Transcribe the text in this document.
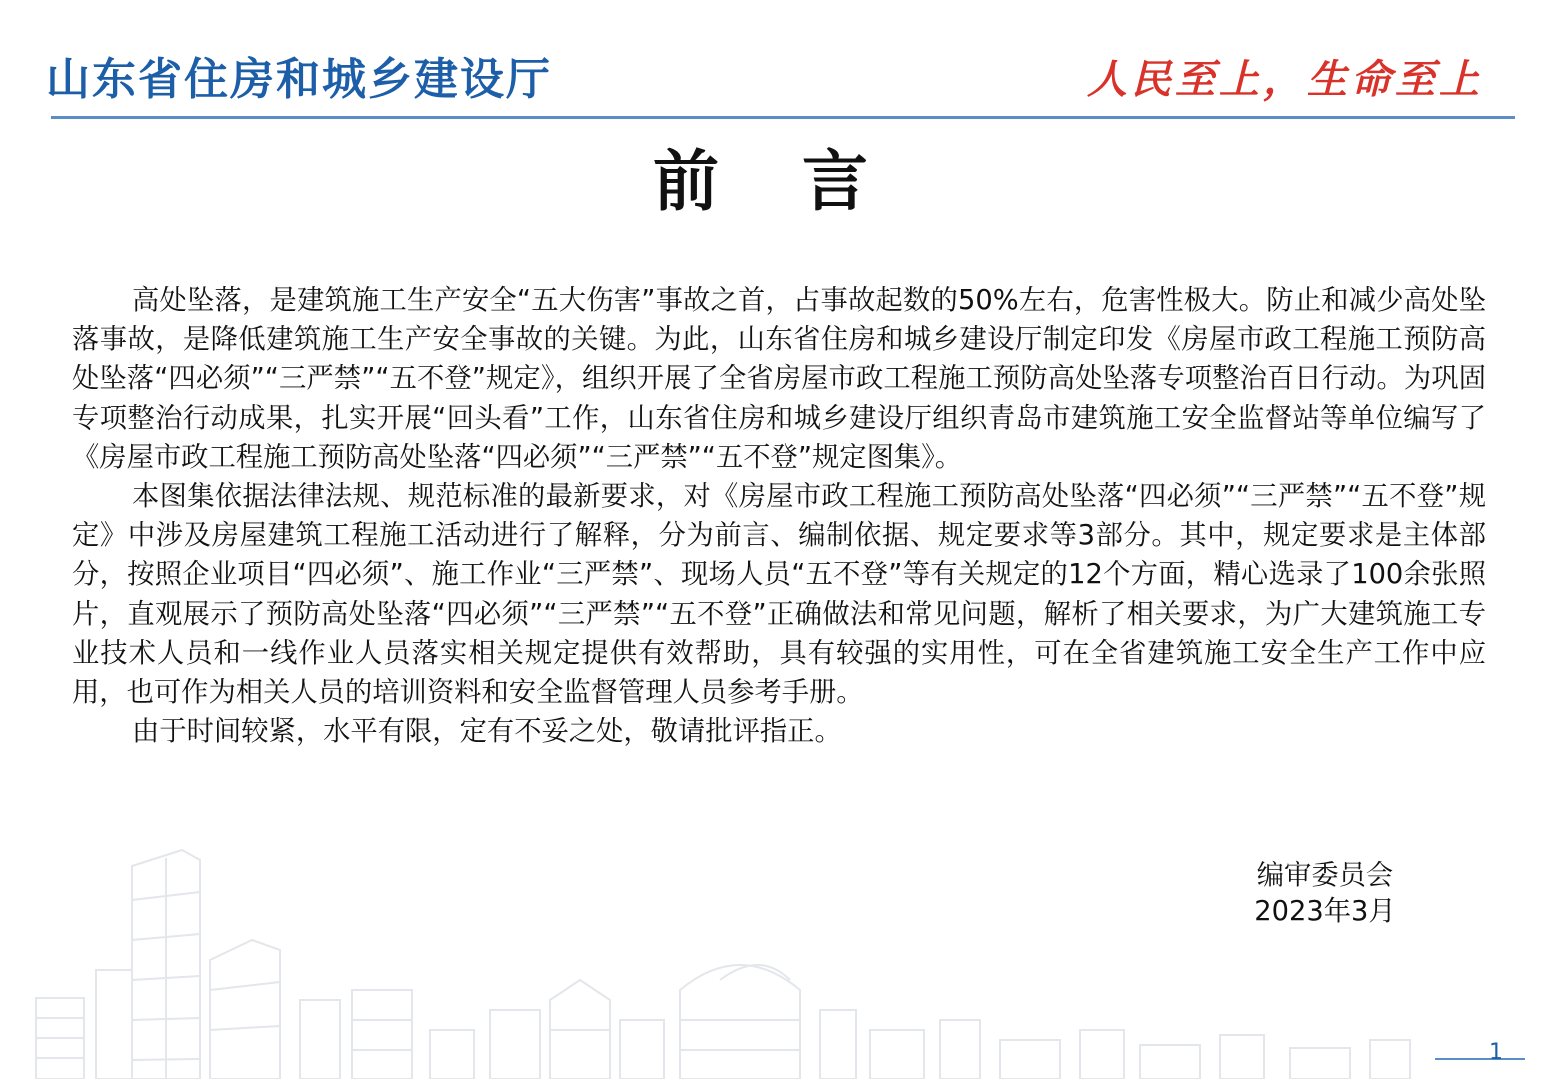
山东省住房和城乡建设厅	人民至上，生命至上
前 言

高处坠落，是建筑施工生产安全“五大伤害”事故之首，占事故起数的50%左右，危害性极大。防止和减少高处坠落事故，是降低建筑施工生产安全事故的关键。为此，山东省住房和城乡建设厅制定印发《房屋市政工程施工预防高处坠落“四必须”“三严禁”“五不登”规定》，组织开展了全省房屋市政工程施工预防高处坠落专项整治百日行动。为巩固专项整治行动成果，扎实开展“回头看”工作，山东省住房和城乡建设厅组织青岛市建筑施工安全监督站等单位编写了《房屋市政工程施工预防高处坠落“四必须”“三严禁”“五不登”规定图集》。

本图集依据法律法规、规范标准的最新要求，对《房屋市政工程施工预防高处坠落“四必须”“三严禁”“五不登”规定》中涉及房屋建筑工程施工活动进行了解释，分为前言、编制依据、规定要求等3部分。其中，规定要求是主体部分，按照企业项目“四必须”、施工作业“三严禁”、现场人员“五不登”等有关规定的12个方面，精心选录了100余张照片，直观展示了预防高处坠落“四必须”“三严禁”“五不登”正确做法和常见问题，解析了相关要求，为广大建筑施工专业技术人员和一线作业人员落实相关规定提供有效帮助，具有较强的实用性，可在全省建筑施工安全生产工作中应用，也可作为相关人员的培训资料和安全监督管理人员参考手册。

由于时间较紧，水平有限，定有不妥之处，敬请批评指正。

编审委员会
2023年3月
1
